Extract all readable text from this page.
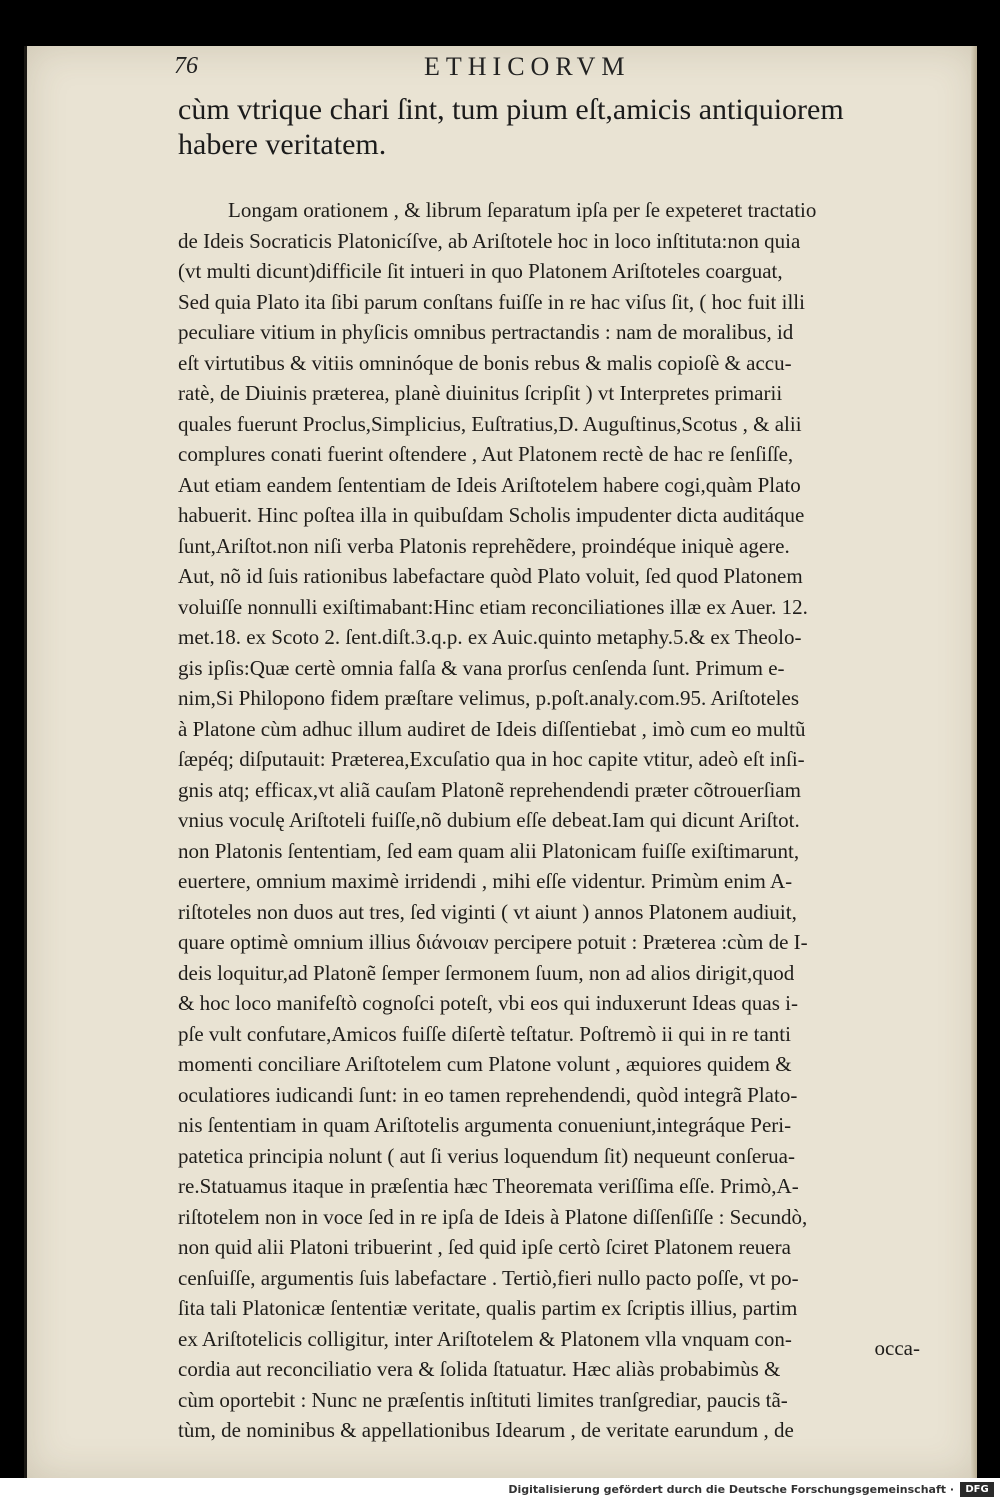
76	ETHICORVM
cùm vtrique chari ſint, tum pium eſt,amicis antiquiorem
habere veritatem.
Longam orationem , & librum ſeparatum ipſa per ſe expeteret tractatio
de Ideis Socraticis Platonicíſve, ab Ariſtotele hoc in loco inſtituta:non quia
(vt multi dicunt)difficile ſit intueri in quo Platonem Ariſtoteles coarguat,
Sed quia Plato ita ſibi parum conſtans fuiſſe in re hac viſus ſit, ( hoc fuit illi
peculiare vitium in phyſicis omnibus pertractandis : nam de moralibus, id
eſt virtutibus & vitiis omninóque de bonis rebus & malis copioſè & accu-
ratè, de Diuinis præterea, planè diuinitus ſcripſit ) vt Interpretes primarii
quales fuerunt Proclus,Simplicius, Euſtratius,D. Auguſtinus,Scotus , & alii
complures conati fuerint oſtendere , Aut Platonem rectè de hac re ſenſiſſe,
Aut etiam eandem ſententiam de Ideis Ariſtotelem habere cogi,quàm Plato
habuerit. Hinc poſtea illa in quibuſdam Scholis impudenter dicta auditáque
ſunt,Ariſtot.non niſi verba Platonis reprehẽdere, proindéque iniquè agere.
Aut, nõ id ſuis rationibus labefactare quòd Plato voluit, ſed quod Platonem
voluiſſe nonnulli exiſtimabant:Hinc etiam reconciliationes illæ ex Auer. 12.
met.18. ex Scoto 2. ſent.diſt.3.q.p. ex Auic.quinto metaphy.5.& ex Theolo-
gis ipſis:Quæ certè omnia falſa & vana prorſus cenſenda ſunt. Primum e-
nim,Si Philopono fidem præſtare velimus, p.poſt.analy.com.95. Ariſtoteles
à Platone cùm adhuc illum audiret de Ideis diſſentiebat , imò cum eo multũ
ſæpéq; diſputauit: Præterea,Excuſatio qua in hoc capite vtitur, adeò eſt inſi-
gnis atq; efficax,vt aliã cauſam Platonẽ reprehendendi præter cõtrouerſiam
vnius voculę Ariſtoteli fuiſſe,nõ dubium eſſe debeat.Iam qui dicunt Ariſtot.
non Platonis ſententiam, ſed eam quam alii Platonicam fuiſſe exiſtimarunt,
euertere, omnium maximè irridendi , mihi eſſe videntur. Primùm enim A-
riſtoteles non duos aut tres, ſed viginti ( vt aiunt ) annos Platonem audiuit,
quare optimè omnium illius διάνοιαν percipere potuit : Præterea :cùm de I-
deis loquitur,ad Platonẽ ſemper ſermonem ſuum, non ad alios dirigit,quod
& hoc loco manifeſtò cognoſci poteſt, vbi eos qui induxerunt Ideas quas i-
pſe vult confutare,Amicos fuiſſe diſertè teſtatur. Poſtremò ii qui in re tanti
momenti conciliare Ariſtotelem cum Platone volunt , æquiores quidem &
oculatiores iudicandi ſunt: in eo tamen reprehendendi, quòd integrã Plato-
nis ſententiam in quam Ariſtotelis argumenta conueniunt,integráque Peri-
patetica principia nolunt ( aut ſi verius loquendum ſit) nequeunt conſerua-
re.Statuamus itaque in præſentia hæc Theoremata veriſſima eſſe. Primò,A-
riſtotelem non in voce ſed in re ipſa de Ideis à Platone diſſenſiſſe : Secundò,
non quid alii Platoni tribuerint , ſed quid ipſe certò ſciret Platonem reuera
cenſuiſſe, argumentis ſuis labefactare . Tertiò,fieri nullo pacto poſſe, vt po-
ſita tali Platonicæ ſententiæ veritate, qualis partim ex ſcriptis illius, partim
ex Ariſtotelicis colligitur, inter Ariſtotelem & Platonem vlla vnquam con-
cordia aut reconciliatio vera & ſolida ſtatuatur. Hæc aliàs probabimùs &
cùm oportebit : Nunc ne præſentis inſtituti limites tranſgrediar, paucis tã-
tùm, de nominibus & appellationibus Idearum , de veritate earundum , de
occa-
Digitalisierung gefördert durch die Deutsche Forschungsgemeinschaft ·	DFG
